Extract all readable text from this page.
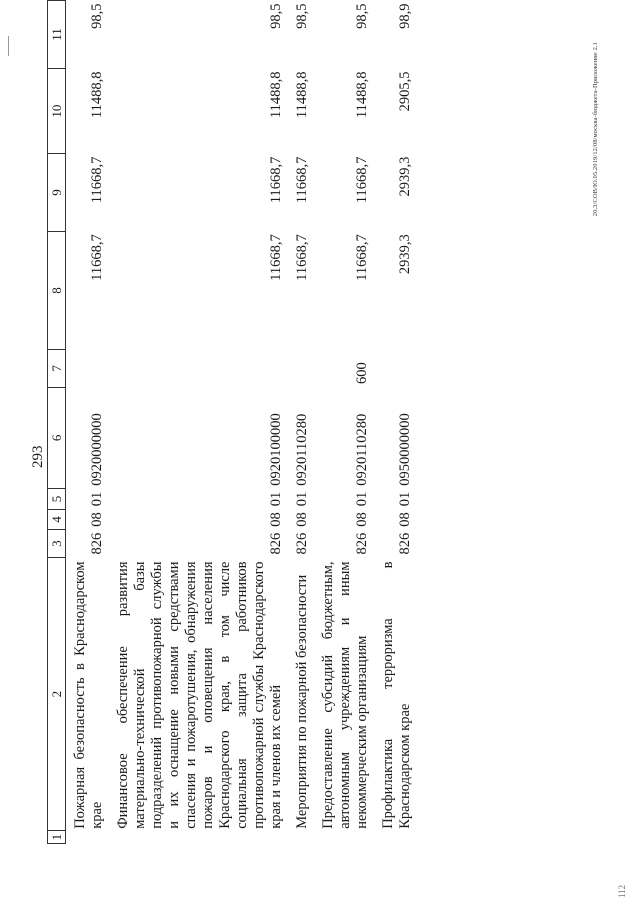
293
1	2	3	4	5	6	7	8	9	10	11
	Пожарная безопасность в Краснодарском крае	826	08	01	0920000000		11668,7	11668,7	11488,8	98,5
	Финансовое обеспечение развития материально-технической базы подразделений противопожарной службы и их оснащение новыми средствами спасения и пожаротушения, обнаружения пожаров и оповещения населения Краснодарского края, в том числе социальная защита работников противопожарной службы Краснодарского края и членов их семей	826	08	01	0920100000		11668,7	11668,7	11488,8	98,5
	Мероприятия по пожарной безопасности	826	08	01	0920110280		11668,7	11668,7	11488,8	98,5
	Предоставление субсидий бюджетным, автономным учреждениям и иным некоммерческим организациям	826	08	01	0920110280	600	11668,7	11668,7	11488,8	98,5
	Профилактика терроризма в Краснодарском крае	826	08	01	0950000000		2939,3	2939,3	2905,5	98,9
20.3/СОВ/Ю.05.2019/12/08/москва-бюджета-Приложение 2.1
112
